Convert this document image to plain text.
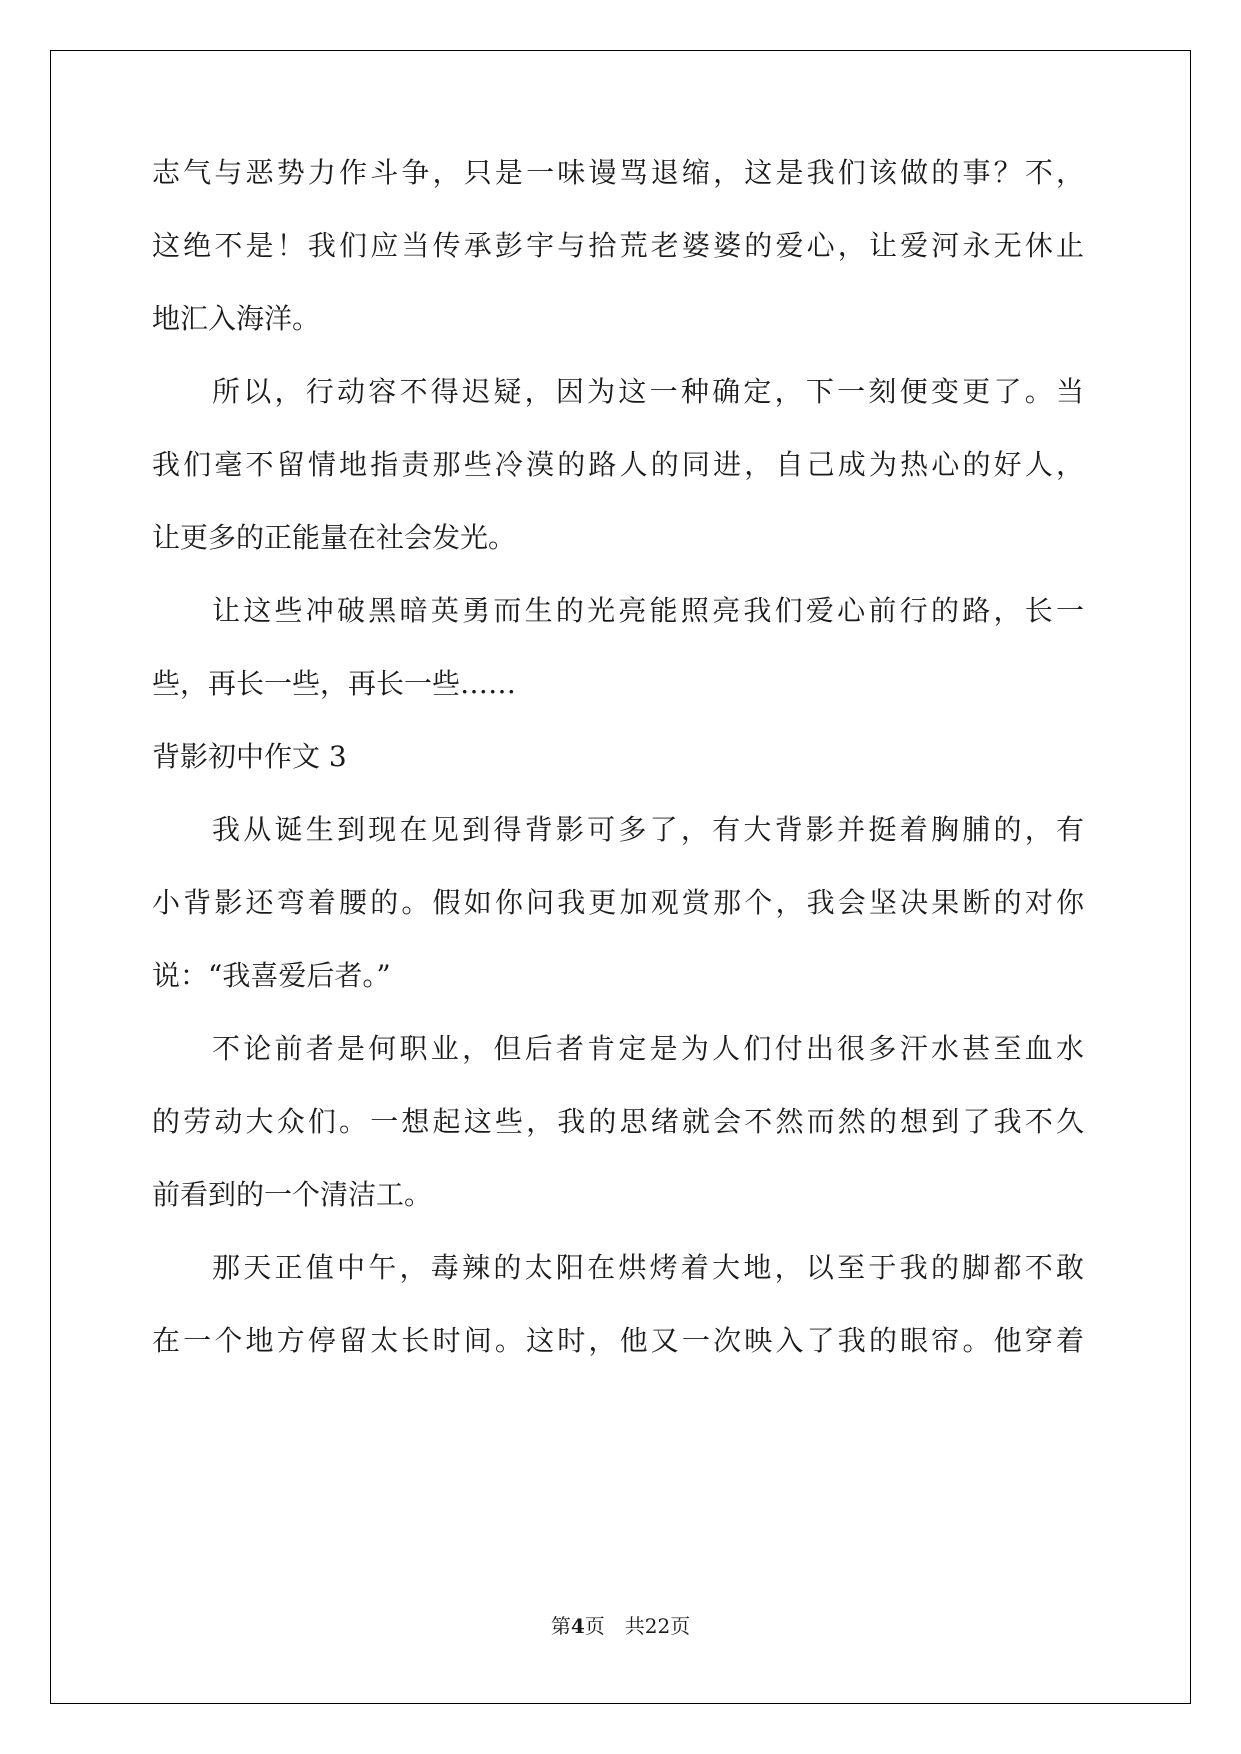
志气与恶势力作斗争，只是一味谩骂退缩，这是我们该做的事？不，

这绝不是！我们应当传承彭宇与拾荒老婆婆的爱心，让爱河永无休止

地汇入海洋。

所以，行动容不得迟疑，因为这一种确定，下一刻便变更了。当

我们毫不留情地指责那些冷漠的路人的同进，自己成为热心的好人，

让更多的正能量在社会发光。

让这些冲破黑暗英勇而生的光亮能照亮我们爱心前行的路，长一

些，再长一些，再长一些……

背影初中作文 3

我从诞生到现在见到得背影可多了，有大背影并挺着胸脯的，有

小背影还弯着腰的。假如你问我更加观赏那个，我会坚决果断的对你

说：“我喜爱后者。”

不论前者是何职业，但后者肯定是为人们付出很多汗水甚至血水

的劳动大众们。一想起这些，我的思绪就会不然而然的想到了我不久

前看到的一个清洁工。

那天正值中午，毒辣的太阳在烘烤着大地，以至于我的脚都不敢

在一个地方停留太长时间。这时，他又一次映入了我的眼帘。他穿着

第4页　共22页
